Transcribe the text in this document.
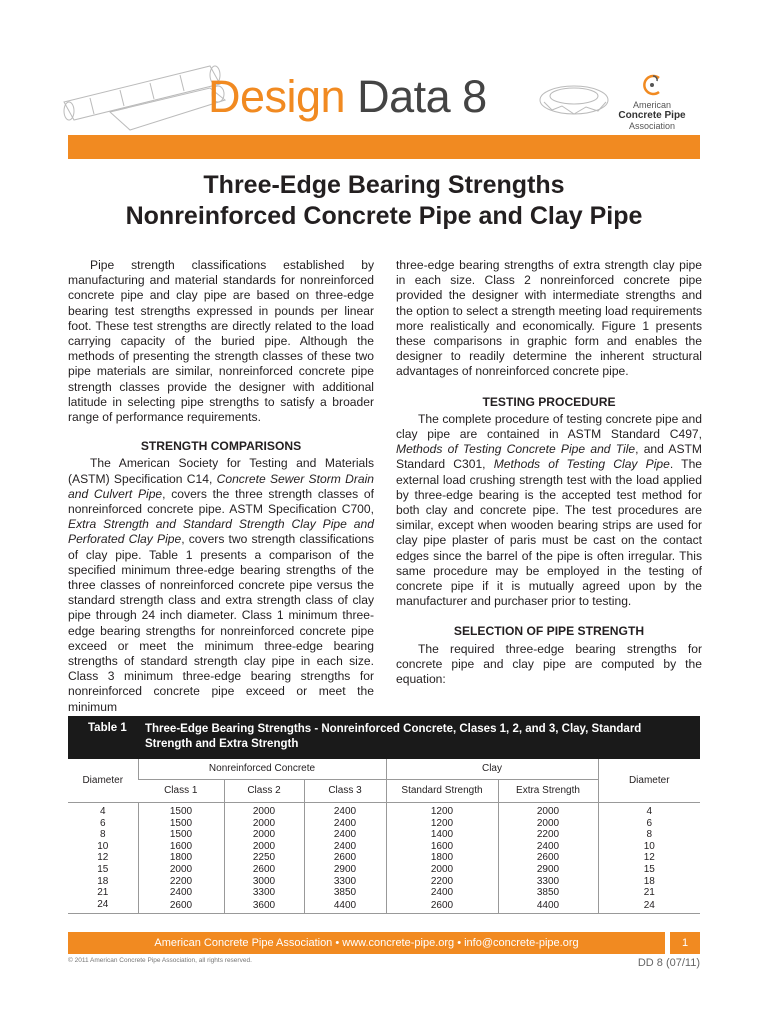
Design Data 8	American
Concrete Pipe
Association
Three-Edge Bearing Strengths
Nonreinforced Concrete Pipe and Clay Pipe

Pipe strength classifications established by manufacturing and material standards for nonreinforced concrete pipe and clay pipe are based on three-edge bearing test strengths expressed in pounds per linear foot. These test strengths are directly related to the load carrying capacity of the buried pipe. Although the methods of presenting the strength classes of these two pipe materials are similar, nonreinforced concrete pipe strength classes provide the designer with additional latitude in selecting pipe strengths to satisfy a broader range of performance requirements.

STRENGTH COMPARISONS

The American Society for Testing and Materials (ASTM) Specification C14, Concrete Sewer Storm Drain and Culvert Pipe, covers the three strength classes of nonreinforced concrete pipe. ASTM Specification C700, Extra Strength and Standard Strength Clay Pipe and Perforated Clay Pipe, covers two strength classifications of clay pipe. Table 1 presents a comparison of the specified minimum three-edge bearing strengths of the three classes of nonreinforced concrete pipe versus the standard strength class and extra strength class of clay pipe through 24 inch diameter. Class 1 minimum three-edge bearing strengths for nonreinforced concrete pipe exceed or meet the minimum three-edge bearing strengths of standard strength clay pipe in each size. Class 3 minimum three-edge bearing strengths for nonreinforced concrete pipe exceed or meet the minimum

three-edge bearing strengths of extra strength clay pipe in each size. Class 2 nonreinforced concrete pipe provided the designer with intermediate strengths and the option to select a strength meeting load requirements more realistically and economically. Figure 1 presents these comparisons in graphic form and enables the designer to readily determine the inherent structural advantages of nonreinforced concrete pipe.

TESTING PROCEDURE

The complete procedure of testing concrete pipe and clay pipe are contained in ASTM Standard C497, Methods of Testing Concrete Pipe and Tile, and ASTM Standard C301, Methods of Testing Clay Pipe. The external load crushing strength test with the load applied by three-edge bearing is the accepted test method for both clay and concrete pipe. The test procedures are similar, except when wooden bearing strips are used for clay pipe plaster of paris must be cast on the contact edges since the barrel of the pipe is often irregular. This same procedure may be employed in the testing of concrete pipe if it is mutually agreed upon by the manufacturer and purchaser prior to testing.

SELECTION OF PIPE STRENGTH

The required three-edge bearing strengths for concrete pipe and clay pipe are computed by the equation:

Table 1	Three-Edge Bearing Strengths - Nonreinforced Concrete, Clases 1, 2, and 3, Clay, Standard Strength and Extra Strength
Diameter	Nonreinforced Concrete			Clay		Diameter
	Class 1	Class 2	Class 3	Standard Strength	Extra Strength	
4	1500	2000	2400	1200	2000	4
6	1500	2000	2400	1200	2000	6
8	1500	2000	2400	1400	2200	8
10	1600	2000	2400	1600	2400	10
12	1800	2250	2600	1800	2600	12
15	2000	2600	2900	2000	2900	15
18	2200	3000	3300	2200	3300	18
21	2400	3300	3850	2400	3850	21
24	2600	3600	4400	2600	4400	24
American Concrete Pipe Association • www.concrete-pipe.org • info@concrete-pipe.org	1
© 2011 American Concrete Pipe Association, all rights reserved.	DD 8 (07/11)
